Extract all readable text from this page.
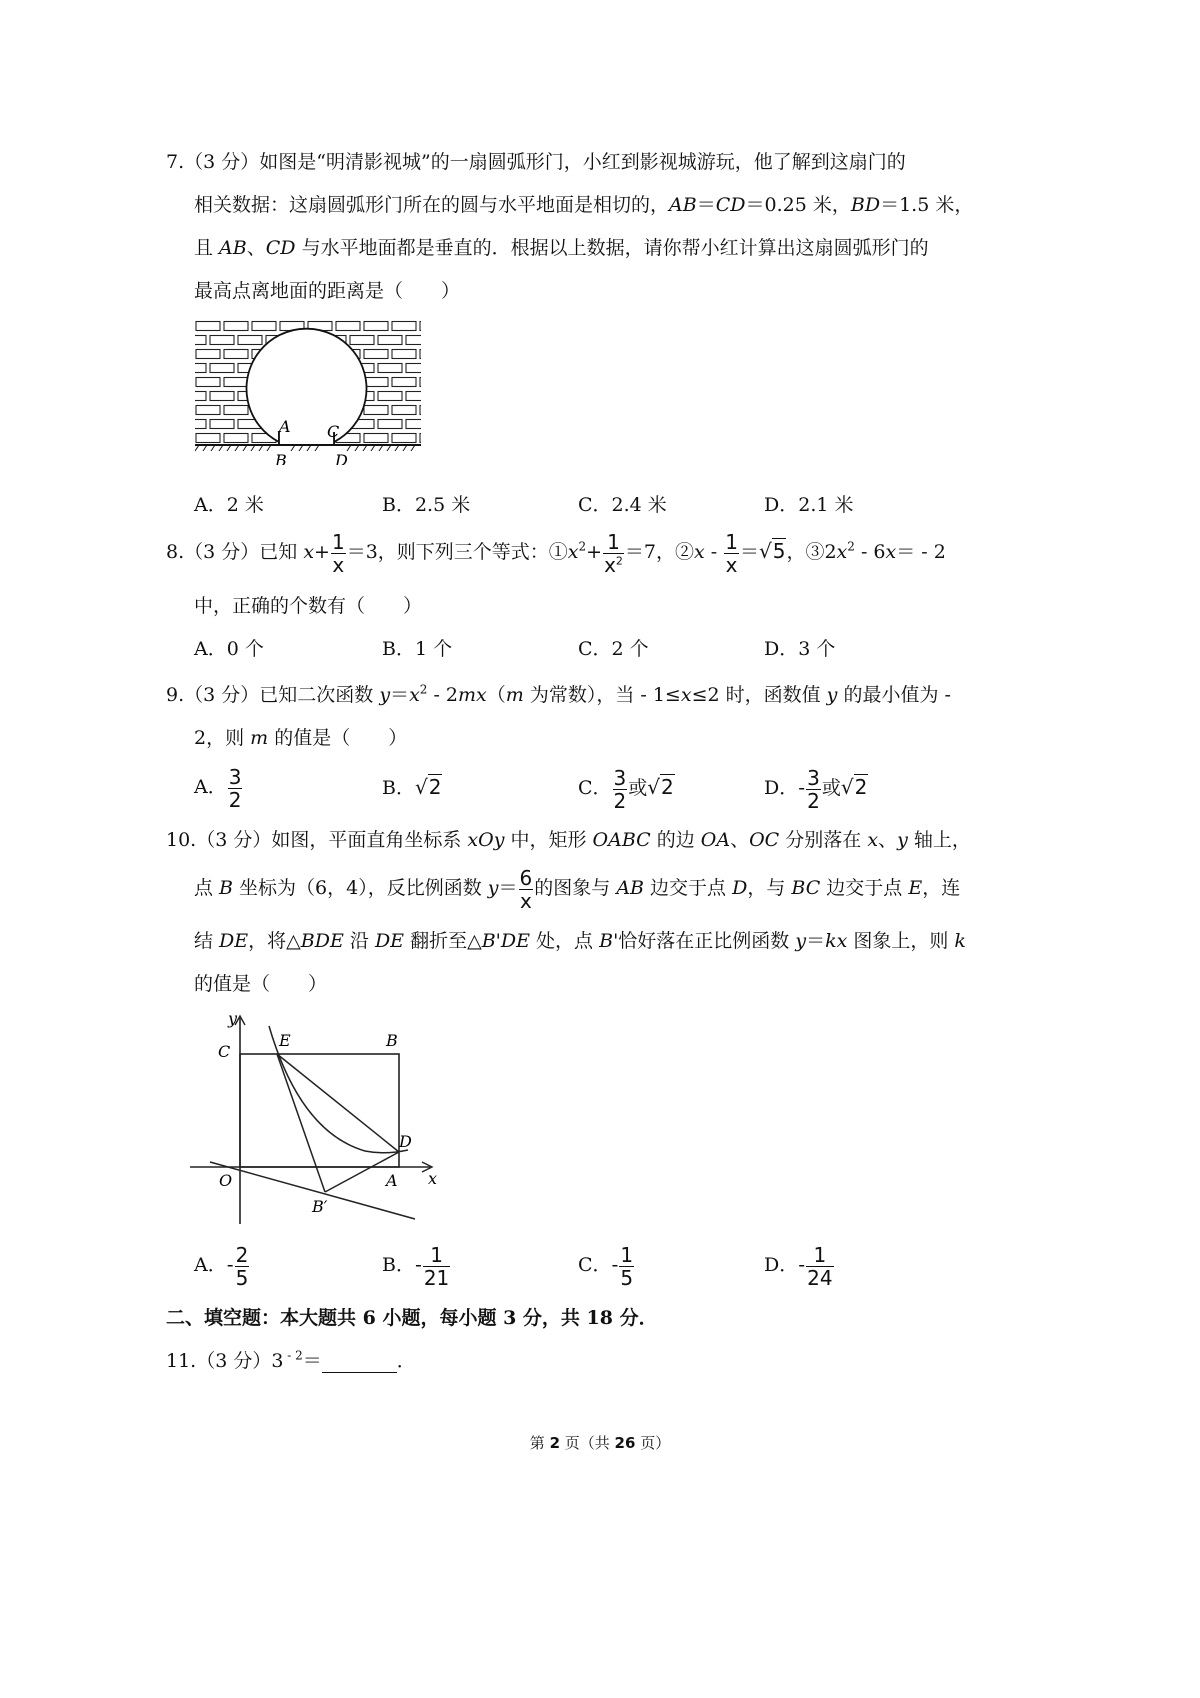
7.（3 分）如图是“明清影视城”的一扇圆弧形门，小红到影视城游玩，他了解到这扇门的
相关数据：这扇圆弧形门所在的圆与水平地面是相切的，AB＝CD＝0.25 米，BD＝1.5 米，
且 AB、CD 与水平地面都是垂直的．根据以上数据，请你帮小红计算出这扇圆弧形门的
最高点离地面的距离是（　　）
A
B
C
D
A．2 米	B．2.5 米	C．2.4 米	D．2.1 米
8.（3 分）已知 $x+ \frac{1}{x} =3$，则下列三个等式：$①x^2+ \frac{1}{x^2} =7$，②x - $\frac{1}{x} =√5$，$③2x^2 - 6x= - 2$
中，正确的个数有（　　）
A．0 个	B．1 个	C．2 个	D．3 个
9.（3 分）已知二次函数 $y=x^2 - 2mx(m$ 为常数），当 - 1≤x≤2 时，函数值 y 的最小值为 -
2，则 m 的值是（　　）
A． $\frac{3}{2}$	B．√2	C． $\frac{3}{2}$ 或√2	D．- $\frac{3}{2}$ 或√2
10.（3 分）如图，平面直角坐标系 xOy 中，矩形 OABC 的边 OA、OC 分别落在 x、y 轴上，
点 B 坐标为（6，4），反比例函数 $y= \frac{6}{x}$ 的图象与 AB 边交于点 D，与 BC 边交于点 E，连
结 DE，将△BDE 沿 DE 翻折至△B'DE 处，点 B'恰好落在正比例函数 y＝kx 图象上，则 k
的值是（　　）
y
x
C
E	B
D
O	A
B′
A．- $\frac{2}{5}$	B．- $\frac{1}{21}$	C．- $\frac{1}{5}$	D．- $\frac{1}{24}$
二、填空题：本大题共 6 小题，每小题 3 分，共 18 分．
11.（3 分）3 $^{- 2}$＝	．
第 2 页（共 26 页）
